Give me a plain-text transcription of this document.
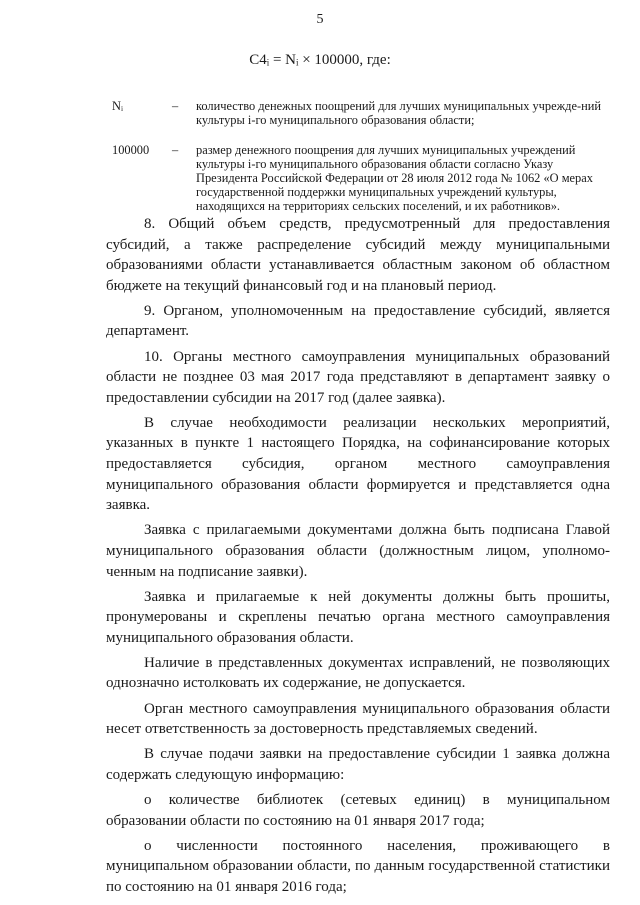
5
С4ᵢ = Nᵢ × 100000, где:
Nᵢ	– количество денежных поощрений для лучших муниципальных учрежде-ний культуры i-го муниципального образования области;
100000 – размер денежного поощрения для лучших муниципальных учреждений культуры i-го муниципального образования области согласно Указу Президента Российской Федерации от 28 июля 2012 года № 1062 «О мерах государственной поддержки муниципальных учреждений культуры, находящихся на территориях сельских поселений, и их работников».

8. Общий объем средств, предусмотренный для предоставления субсидий, а также распределение субсидий между муниципальными образованиями области устанавливается областным законом об областном бюджете на текущий финансовый год и на плановый период.

9. Органом, уполномоченным на предоставление субсидий, является департамент.

10. Органы местного самоуправления муниципальных образований области не позднее 03 мая 2017 года представляют в департамент заявку о предоставлении субсидии на 2017 год (далее заявка).

В случае необходимости реализации нескольких мероприятий, указанных в пункте 1 настоящего Порядка, на софинансирование которых предоставляется субсидия, органом местного самоуправления муниципального образования области формируется и представляется одна заявка.

Заявка с прилагаемыми документами должна быть подписана Главой муниципального образования области (должностным лицом, уполномо-ченным на подписание заявки).

Заявка и прилагаемые к ней документы должны быть прошиты, пронумерованы и скреплены печатью органа местного самоуправления муниципального образования области.

Наличие в представленных документах исправлений, не позволяющих однозначно истолковать их содержание, не допускается.

Орган местного самоуправления муниципального образования области несет ответственность за достоверность представляемых сведений.

В случае подачи заявки на предоставление субсидии 1 заявка должна содержать следующую информацию:

о количестве библиотек (сетевых единиц) в муниципальном образовании области по состоянию на 01 января 2017 года;

о численности постоянного населения, проживающего в муниципальном образовании области, по данным государственной статистики по состоянию на 01 января 2016 года;
